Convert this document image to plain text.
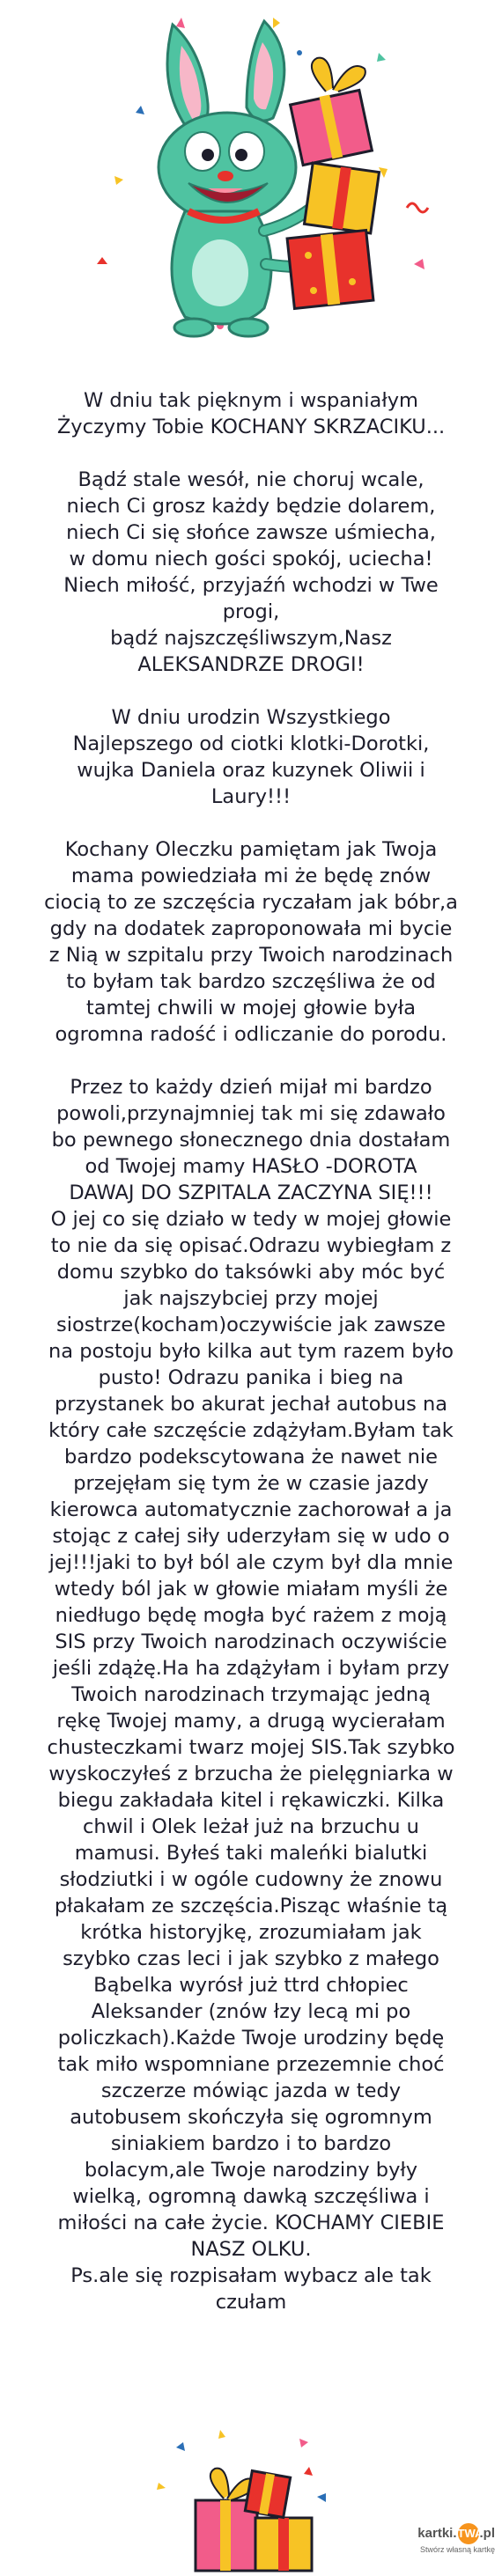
W dniu tak pięknym i wspaniałym

Życzymy Tobie KOCHANY SKRZACIKU...

Bądź stale wesół, nie choruj wcale,

niech Ci grosz każdy będzie dolarem,

niech Ci się słońce zawsze uśmiecha,

w domu niech gości spokój, uciecha!

Niech miłość, przyjaźń wchodzi w Twe

progi,

bądź najszczęśliwszym,Nasz

ALEKSANDRZE DROGI!

W dniu urodzin Wszystkiego

Najlepszego od ciotki klotki-Dorotki,

wujka Daniela oraz kuzynek Oliwii i

Laury!!!

Kochany Oleczku pamiętam jak Twoja

mama powiedziała mi że będę znów

ciocią to ze szczęścia ryczałam jak bóbr,a

gdy na dodatek zaproponowała mi bycie

z Nią w szpitalu przy Twoich narodzinach

to byłam tak bardzo szczęśliwa że od

tamtej chwili w mojej głowie była

ogromna radość i odliczanie do porodu.

Przez to każdy dzień mijał mi bardzo

powoli,przynajmniej tak mi się zdawało

bo pewnego słonecznego dnia dostałam

od Twojej mamy HASŁO -DOROTA

DAWAJ DO SZPITALA ZACZYNA SIĘ!!!

O jej co się działo w tedy w mojej głowie

to nie da się opisać.Odrazu wybiegłam z

domu szybko do taksówki aby móc być

jak najszybciej przy mojej

siostrze(kocham)oczywiście jak zawsze

na postoju było kilka aut tym razem było

pusto! Odrazu panika i bieg na

przystanek bo akurat jechał autobus na

który całe szczęście zdążyłam.Byłam tak

bardzo podekscytowana że nawet nie

przejęłam się tym że w czasie jazdy

kierowca automatycznie zachorował a ja

stojąc z całej siły uderzyłam się w udo o

jej!!!jaki to był ból ale czym był dla mnie

wtedy ból jak w głowie miałam myśli że

niedługo będę mogła być rażem z moją

SIS przy Twoich narodzinach oczywiście

jeśli zdążę.Ha ha zdążyłam i byłam przy

Twoich narodzinach trzymając jedną

rękę Twojej mamy, a drugą wycierałam

chusteczkami twarz mojej SIS.Tak szybko

wyskoczyłeś z brzucha że pielęgniarka w

biegu zakładała kitel i rękawiczki. Kilka

chwil i Olek leżał już na brzuchu u

mamusi. Byłeś taki maleńki bialutki

słodziutki i w ogóle cudowny że znowu

płakałam ze szczęścia.Pisząc właśnie tą

krótka historyjkę, zrozumiałam jak

szybko czas leci i jak szybko z małego

Bąbelka wyrósł już ttrd chłopiec

Aleksander (znów łzy lecą mi po

policzkach).Każde Twoje urodziny będę

tak miło wspomniane przezemnie choć

szczerze mówiąc jazda w tedy

autobusem skończyła się ogromnym

siniakiem bardzo i to bardzo

bolacym,ale Twoje narodziny były

wielką, ogromną dawką szczęśliwa i

miłości na całe życie. KOCHAMY CIEBIE

NASZ OLKU.

Ps.ale się rozpisałam wybacz ale tak

czułam

kartki.TWA.pl
Stwórz własną kartkę
